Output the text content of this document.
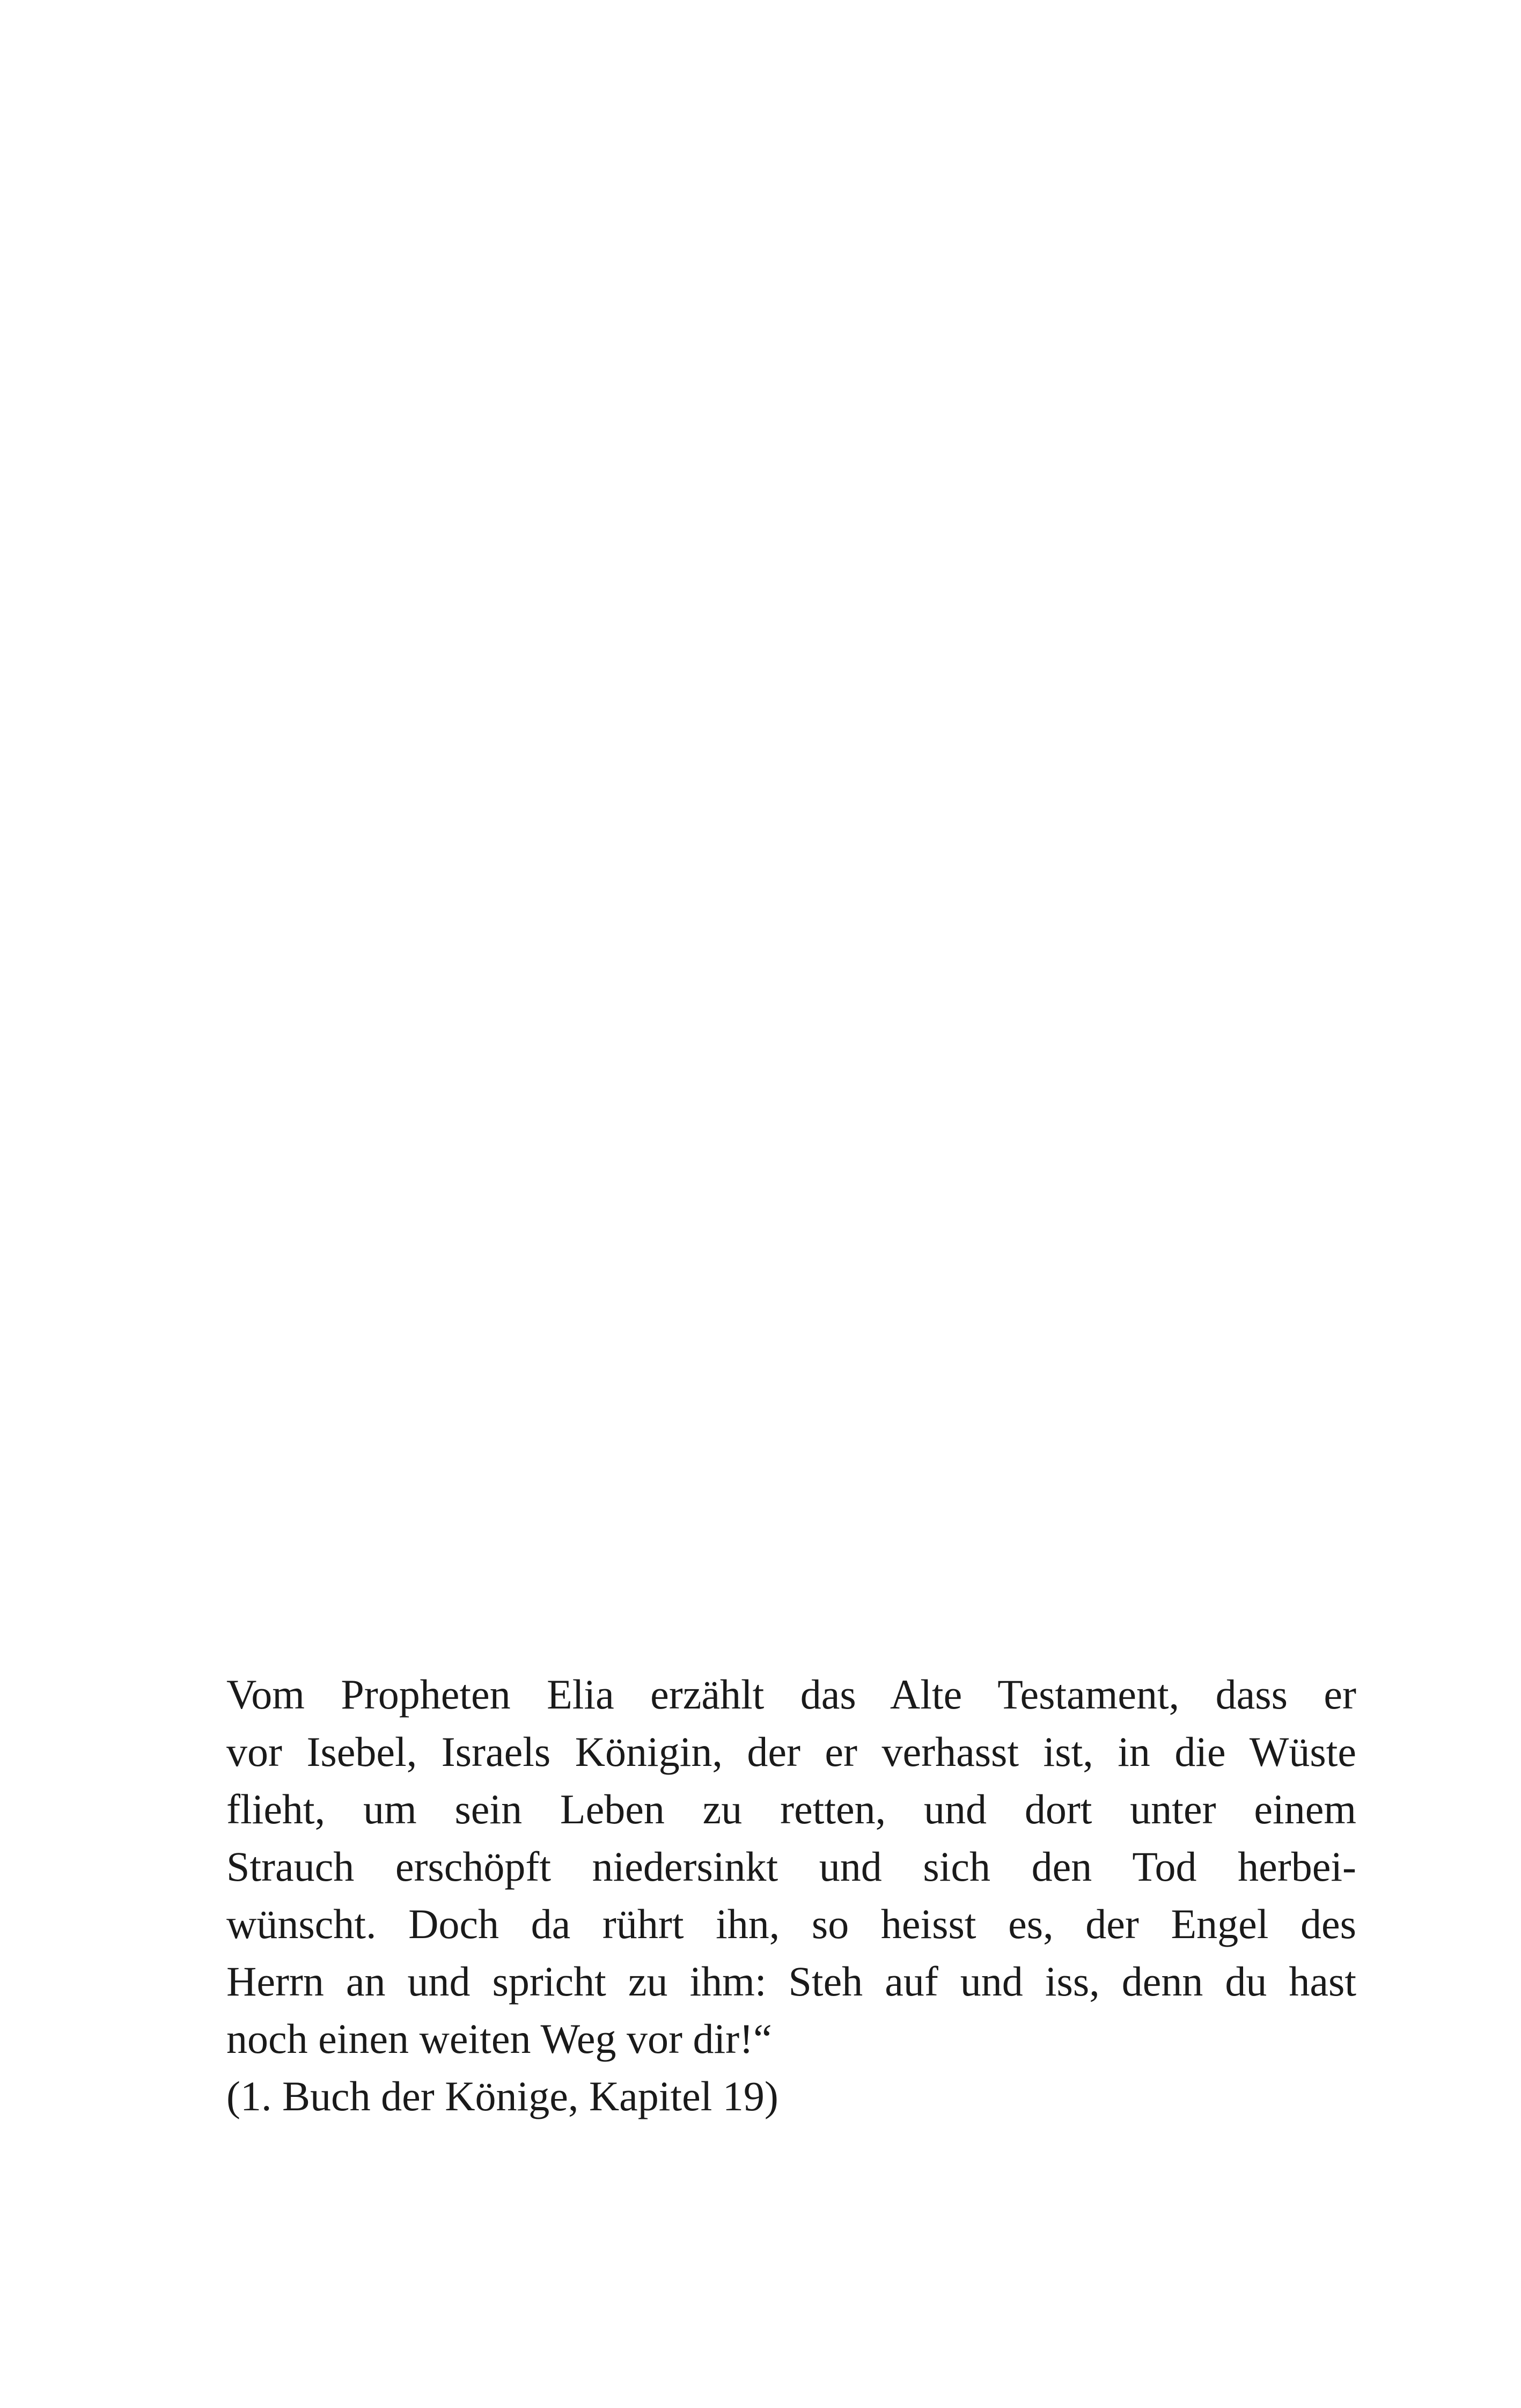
Vom Propheten Elia erzählt das Alte Testament, dass er
vor Isebel, Israels Königin, der er verhasst ist, in die Wüste
flieht, um sein Leben zu retten, und dort unter einem
Strauch erschöpft niedersinkt und sich den Tod herbei-
wünscht. Doch da rührt ihn, so heisst es, der Engel des
Herrn an und spricht zu ihm: Steh auf und iss, denn du hast
noch einen weiten Weg vor dir!“
(1. Buch der Könige, Kapitel 19)
